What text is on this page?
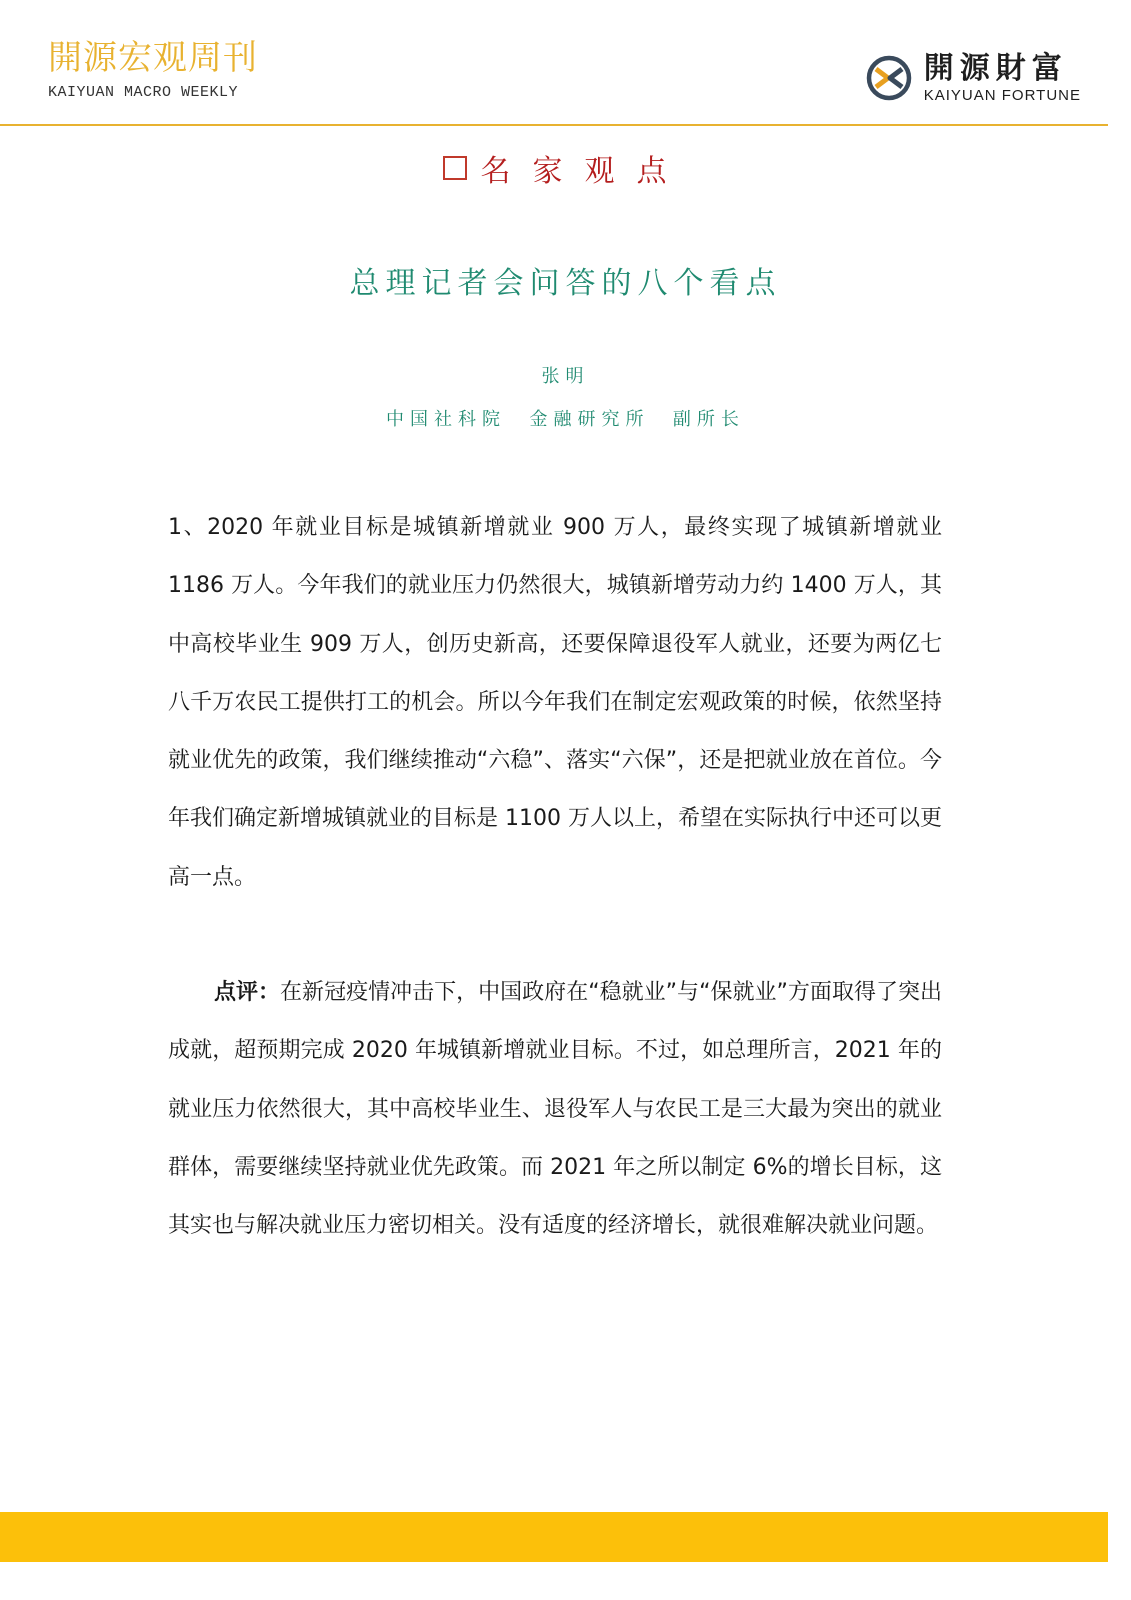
開源宏观周刊
KAIYUAN MACRO WEEKLY
開源財富
KAIYUAN FORTUNE
名家观点
总理记者会问答的八个看点
张明
中国社科院  金融研究所  副所长

1、2020 年就业目标是城镇新增就业 900 万人，最终实现了城镇新增就业 1186 万人。今年我们的就业压力仍然很大，城镇新增劳动力约 1400 万人，其中高校毕业生 909 万人，创历史新高，还要保障退役军人就业，还要为两亿七八千万农民工提供打工的机会。所以今年我们在制定宏观政策的时候，依然坚持就业优先的政策，我们继续推动“六稳”、落实“六保”，还是把就业放在首位。今年我们确定新增城镇就业的目标是 1100 万人以上，希望在实际执行中还可以更高一点。

点评：在新冠疫情冲击下，中国政府在“稳就业”与“保就业”方面取得了突出成就，超预期完成 2020 年城镇新增就业目标。不过，如总理所言，2021 年的就业压力依然很大，其中高校毕业生、退役军人与农民工是三大最为突出的就业群体，需要继续坚持就业优先政策。而 2021 年之所以制定 6%的增长目标，这其实也与解决就业压力密切相关。没有适度的经济增长，就很难解决就业问题。
